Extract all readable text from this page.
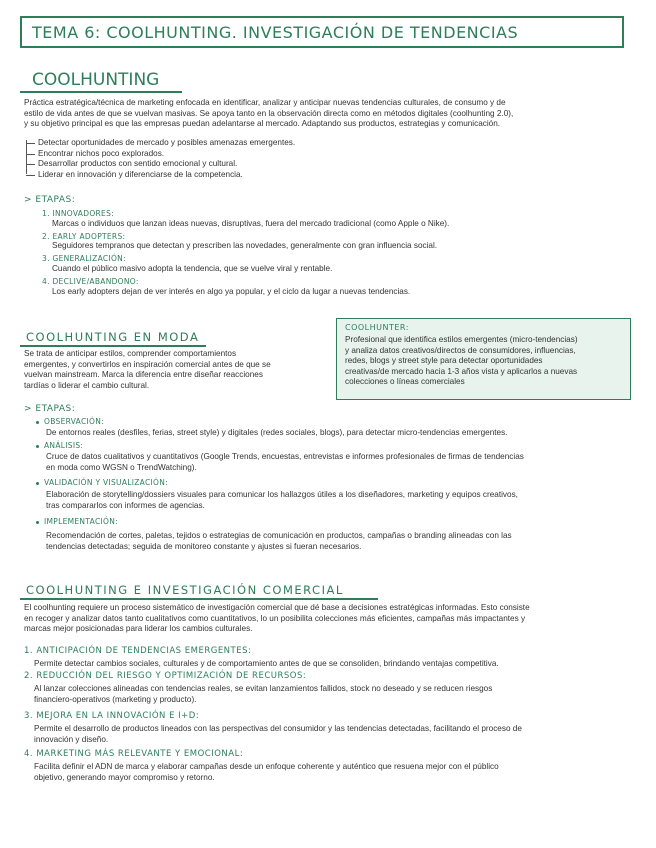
TEMA 6: COOLHUNTING. INVESTIGACIÓN DE TENDENCIAS
COOLHUNTING
Práctica estratégica/técnica de marketing enfocada en identificar, analizar y anticipar nuevas tendencias culturales, de consumo y de
estilo de vida antes de que se vuelvan masivas. Se apoya tanto en la observación directa como en métodos digitales (coolhunting 2.0),
y su objetivo principal es que las empresas puedan adelantarse al mercado. Adaptando sus productos, estrategias y comunicación.
Detectar oportunidades de mercado y posibles amenazas emergentes.
Encontrar nichos poco explorados.
Desarrollar productos con sentido emocional y cultural.
Liderar en innovación y diferenciarse de la competencia.
> ETAPAS:
1. INNOVADORES:
Marcas o individuos que lanzan ideas nuevas, disruptivas, fuera del mercado tradicional (como Apple o Nike).
2. EARLY ADOPTERS:
Seguidores tempranos que detectan y prescriben las novedades, generalmente con gran influencia social.
3. GENERALIZACIÓN:
Cuando el público masivo adopta la tendencia, que se vuelve viral y rentable.
4. DECLIVE/ABANDONO:
Los early adopters dejan de ver interés en algo ya popular, y el ciclo da lugar a nuevas tendencias.
COOLHUNTING EN MODA
Se trata de anticipar estilos, comprender comportamientos
emergentes, y convertirlos en inspiración comercial antes de que se
vuelvan mainstream. Marca la diferencia entre diseñar reacciones
tardías o liderar el cambio cultural.
COOLHUNTER:
Profesional que identifica estilos emergentes (micro-tendencias)
y analiza datos creativos/directos de consumidores, influencias,
redes, blogs y street style para detectar oportunidades
creativas/de mercado hacia 1-3 años vista y aplicarlos a nuevas
colecciones o líneas comerciales
> ETAPAS:
OBSERVACIÓN:
De entornos reales (desfiles, ferias, street style) y digitales (redes sociales, blogs), para detectar micro-tendencias emergentes.
ANÁLISIS:
Cruce de datos cualitativos y cuantitativos (Google Trends, encuestas, entrevistas e informes profesionales de firmas de tendencias
en moda como WGSN o TrendWatching).
VALIDACIÓN Y VISUALIZACIÓN:
Elaboración de storytelling/dossiers visuales para comunicar los hallazgos útiles a los diseñadores, marketing y equipos creativos,
tras compararlos con informes de agencias.
IMPLEMENTACIÓN:
Recomendación de cortes, paletas, tejidos o estrategias de comunicación en productos, campañas o branding alineadas con las
tendencias detectadas; seguida de monitoreo constante y ajustes si fueran necesarios.
COOLHUNTING E INVESTIGACIÓN COMERCIAL
El coolhunting requiere un proceso sistemático de investigación comercial que dé base a decisiones estratégicas informadas. Esto consiste
en recoger y analizar datos tanto cualitativos como cuantitativos, lo un posibilita colecciones más eficientes, campañas más impactantes y
marcas mejor posicionadas para liderar los cambios culturales.
1. ANTICIPACIÓN DE TENDENCIAS EMERGENTES:
Permite detectar cambios sociales, culturales y de comportamiento antes de que se consoliden, brindando ventajas competitiva.
2. REDUCCIÓN DEL RIESGO Y OPTIMIZACIÓN DE RECURSOS:
Al lanzar colecciones alineadas con tendencias reales, se evitan lanzamientos fallidos, stock no deseado y se reducen riesgos
financiero-operativos (marketing y producto).
3. MEJORA EN LA INNOVACIÓN E I+D:
Permite el desarrollo de productos lineados con las perspectivas del consumidor y las tendencias detectadas, facilitando el proceso de
innovación y diseño.
4. MARKETING MÁS RELEVANTE Y EMOCIONAL:
Facilita definir el ADN de marca y elaborar campañas desde un enfoque coherente y auténtico que resuena mejor con el público
objetivo, generando mayor compromiso y retorno.
